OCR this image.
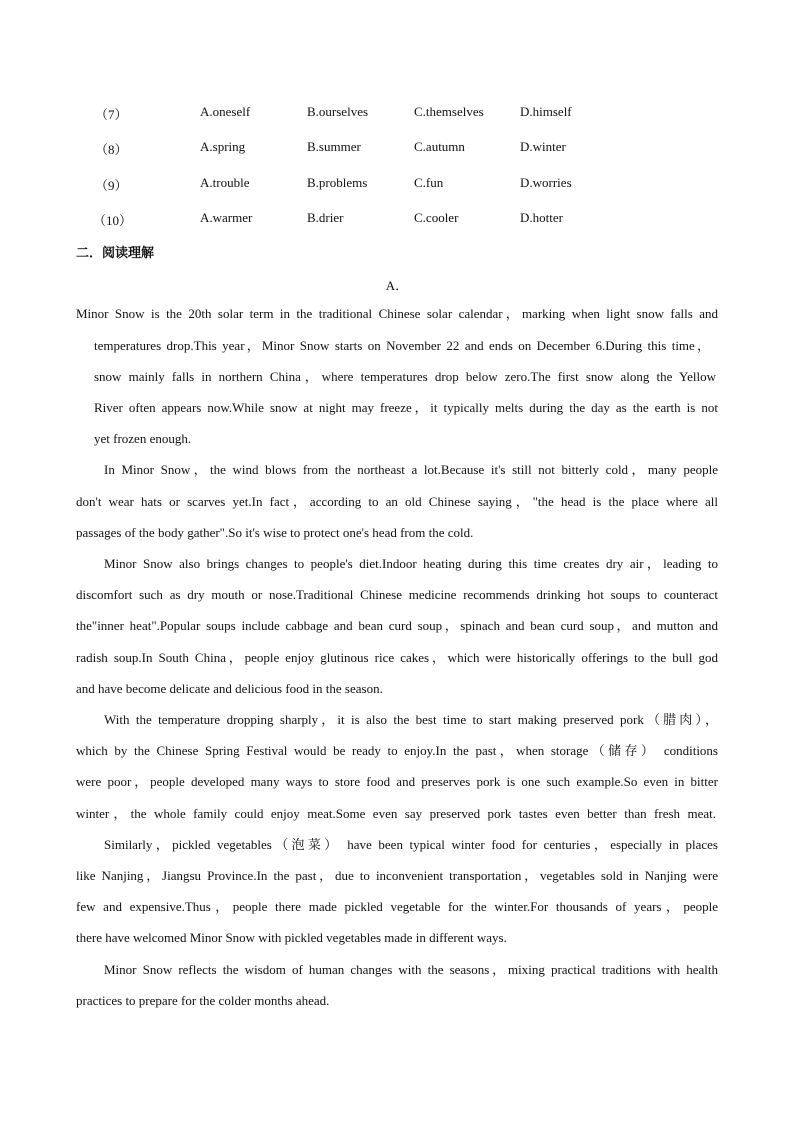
（7）	A.oneself	B.ourselves	C.themselves	D.himself
（8）	A.spring	B.summer	C.autumn	D.winter
（9）	A.trouble	B.problems	C.fun	D.worries
（10）	A.warmer	B.drier	C.cooler	D.hotter
二．阅读理解
A．
Minor Snow is the 20th solar term in the traditional Chinese solar calendar，marking when light snow falls and
temperatures drop.This year，Minor Snow starts on November 22 and ends on December 6.During this time，
snow mainly falls in northern China，where temperatures drop below zero.The first snow along the Yellow
River often appears now.While snow at night may freeze，it typically melts during the day as the earth is not
yet frozen enough.
In Minor Snow，the wind blows from the northeast a lot.Because it's still not bitterly cold，many people
don't wear hats or scarves yet.In fact，according to an old Chinese saying，"the head is the place where all
passages of the body gather".So it's wise to protect one's head from the cold.
Minor Snow also brings changes to people's diet.Indoor heating during this time creates dry air，leading to
discomfort such as dry mouth or nose.Traditional Chinese medicine recommends drinking hot soups to counteract
the"inner heat".Popular soups include cabbage and bean curd soup，spinach and bean curd soup，and mutton and
radish soup.In South China，people enjoy glutinous rice cakes，which were historically offerings to the bull god
and have become delicate and delicious food in the season.
With the temperature dropping sharply，it is also the best time to start making preserved pork（腊肉），
which by the Chinese Spring Festival would be ready to enjoy.In the past，when storage（储存） conditions
were poor，people developed many ways to store food and preserves pork is one such example.So even in bitter
winter，the whole family could enjoy meat.Some even say preserved pork tastes even better than fresh meat.
Similarly，pickled vegetables（泡菜） have been typical winter food for centuries，especially in places
like Nanjing，Jiangsu Province.In the past，due to inconvenient transportation，vegetables sold in Nanjing were
few and expensive.Thus，people there made pickled vegetable for the winter.For thousands of years，people
there have welcomed Minor Snow with pickled vegetables made in different ways.
Minor Snow reflects the wisdom of human changes with the seasons，mixing practical traditions with health
practices to prepare for the colder months ahead.
